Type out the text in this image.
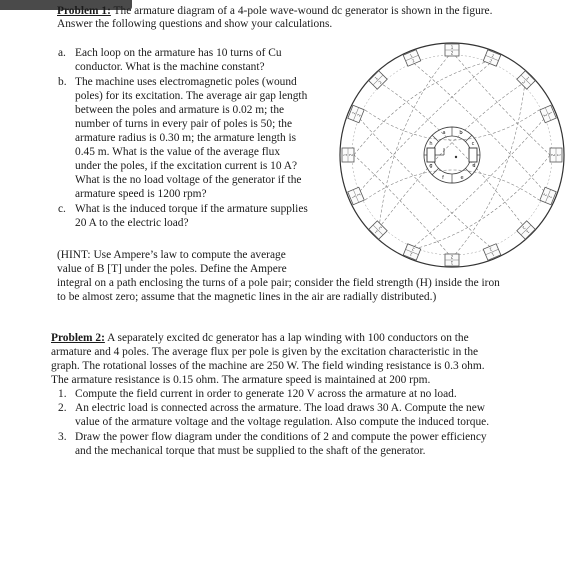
Problem 1: The armature diagram of a 4-pole wave-wound dc generator is shown in the figure.
Answer the following questions and show your calculations.
a. Each loop on the armature has 10 turns of Cu
conductor. What is the machine constant?
b. The machine uses electromagnetic poles (wound
poles) for its excitation. The average air gap length
between the poles and armature is 0.02 m; the
number of turns in every pair of poles is 50; the
armature radius is 0.30 m; the armature length is
0.45 m. What is the value of the average flux
under the poles, if the excitation current is 10 A?
What is the no load voltage of the generator if the
armature speed is 1200 rpm?
c. What is the induced torque if the armature supplies
20 A to the electric load?
(HINT: Use Ampere’s law to compute the average
value of B [T] under the poles. Define the Ampere
integral on a path enclosing the turns of a pole pair; consider the field strength (H) inside the iron
to be almost zero; assume that the magnetic lines in the air are radially distributed.)
Problem 2: A separately excited dc generator has a lap winding with 100 conductors on the
armature and 4 poles. The average flux per pole is given by the excitation characteristic in the
graph. The rotational losses of the machine are 250 W. The field winding resistance is 0.3 ohm.
The armature resistance is 0.15 ohm. The armature speed is maintained at 200 rpm.
1. Compute the field current in order to generate 120 V across the armature at no load.
2. An electric load is connected across the armature. The load draws 30 A. Compute the new
value of the armature voltage and the voltage regulation. Also compute the induced torque.
3. Draw the power flow diagram under the conditions of 2 and compute the power efficiency
and the mechanical torque that must be supplied to the shaft of the generator.
1
2
a	b
c
d
e
f
g
h
